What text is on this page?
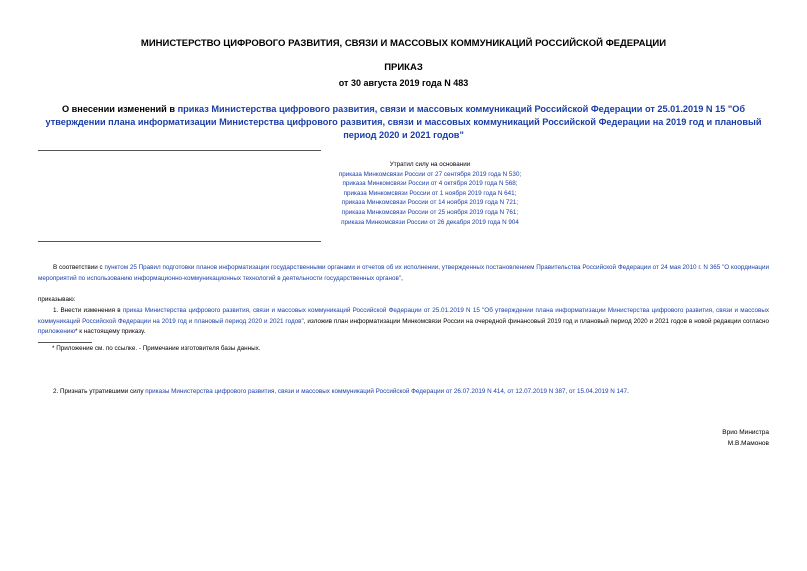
МИНИСТЕРСТВО ЦИФРОВОГО РАЗВИТИЯ, СВЯЗИ И МАССОВЫХ КОММУНИКАЦИЙ РОССИЙСКОЙ ФЕДЕРАЦИИ
ПРИКАЗ
от 30 августа 2019 года N 483
О внесении изменений в приказ Министерства цифрового развития, связи и массовых коммуникаций Российской Федерации от 25.01.2019 N 15 "Об утверждении плана информатизации Министерства цифрового развития, связи и массовых коммуникаций Российской Федерации на 2019 год и плановый период 2020 и 2021 годов"
Утратил силу на основании
приказа Минкомсвязи России от 27 сентября 2019 года N 530;
приказа Минкомсвязи России от 4 октября 2019 года N 568;
приказа Минкомсвязи России от 1 ноября 2019 года N 641;
приказа Минкомсвязи России от 14 ноября 2019 года N 721;
приказа Минкомсвязи России от 25 ноября 2019 года N 761;
приказа Минкомсвязи России от 26 декабря 2019 года N 904
В соответствии с пунктом 25 Правил подготовки планов информатизации государственными органами и отчетов об их исполнении, утвержденных постановлением Правительства Российской Федерации от 24 мая 2010 г. N 365 "О координации мероприятий по использованию информационно-коммуникационных технологий в деятельности государственных органов",
приказываю:
1. Внести изменения в приказ Министерства цифрового развития, связи и массовых коммуникаций Российской Федерации от 25.01.2019 N 15 "Об утверждении плана информатизации Министерства цифрового развития, связи и массовых коммуникаций Российской Федерации на 2019 год и плановый период 2020 и 2021 годов", изложив план информатизации Минкомсвязи России на очередной финансовый 2019 год и плановый период 2020 и 2021 годов в новой редакции согласно приложению* к настоящему приказу.
* Приложение см. по ссылке. - Примечание изготовителя базы данных.
2. Признать утратившими силу приказы Министерства цифрового развития, связи и массовых коммуникаций Российской Федерации от 26.07.2019 N 414, от 12.07.2019 N 387, от 15.04.2019 N 147.
Врио Министра
М.В.Мамонов
